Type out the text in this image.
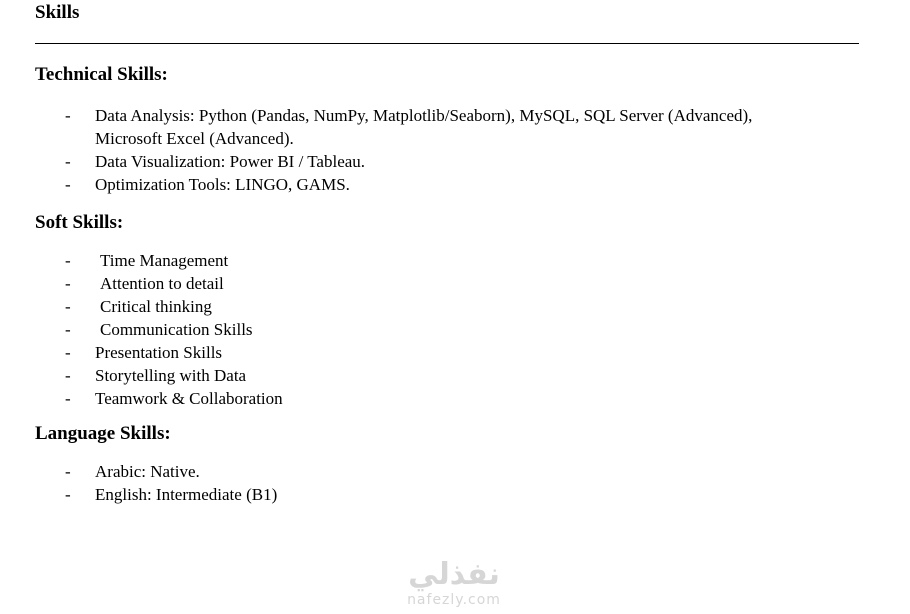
Skills
Technical Skills:
- Data Analysis: Python (Pandas, NumPy, Matplotlib/Seaborn), MySQL, SQL Server (Advanced), Microsoft Excel (Advanced).
- Data Visualization: Power BI / Tableau.
- Optimization Tools: LINGO, GAMS.
Soft Skills:
- Time Management
- Attention to detail
- Critical thinking
- Communication Skills
- Presentation Skills
- Storytelling with Data
- Teamwork & Collaboration
Language Skills:
- Arabic: Native.
- English: Intermediate (B1)
نفذلي
nafezly.com
